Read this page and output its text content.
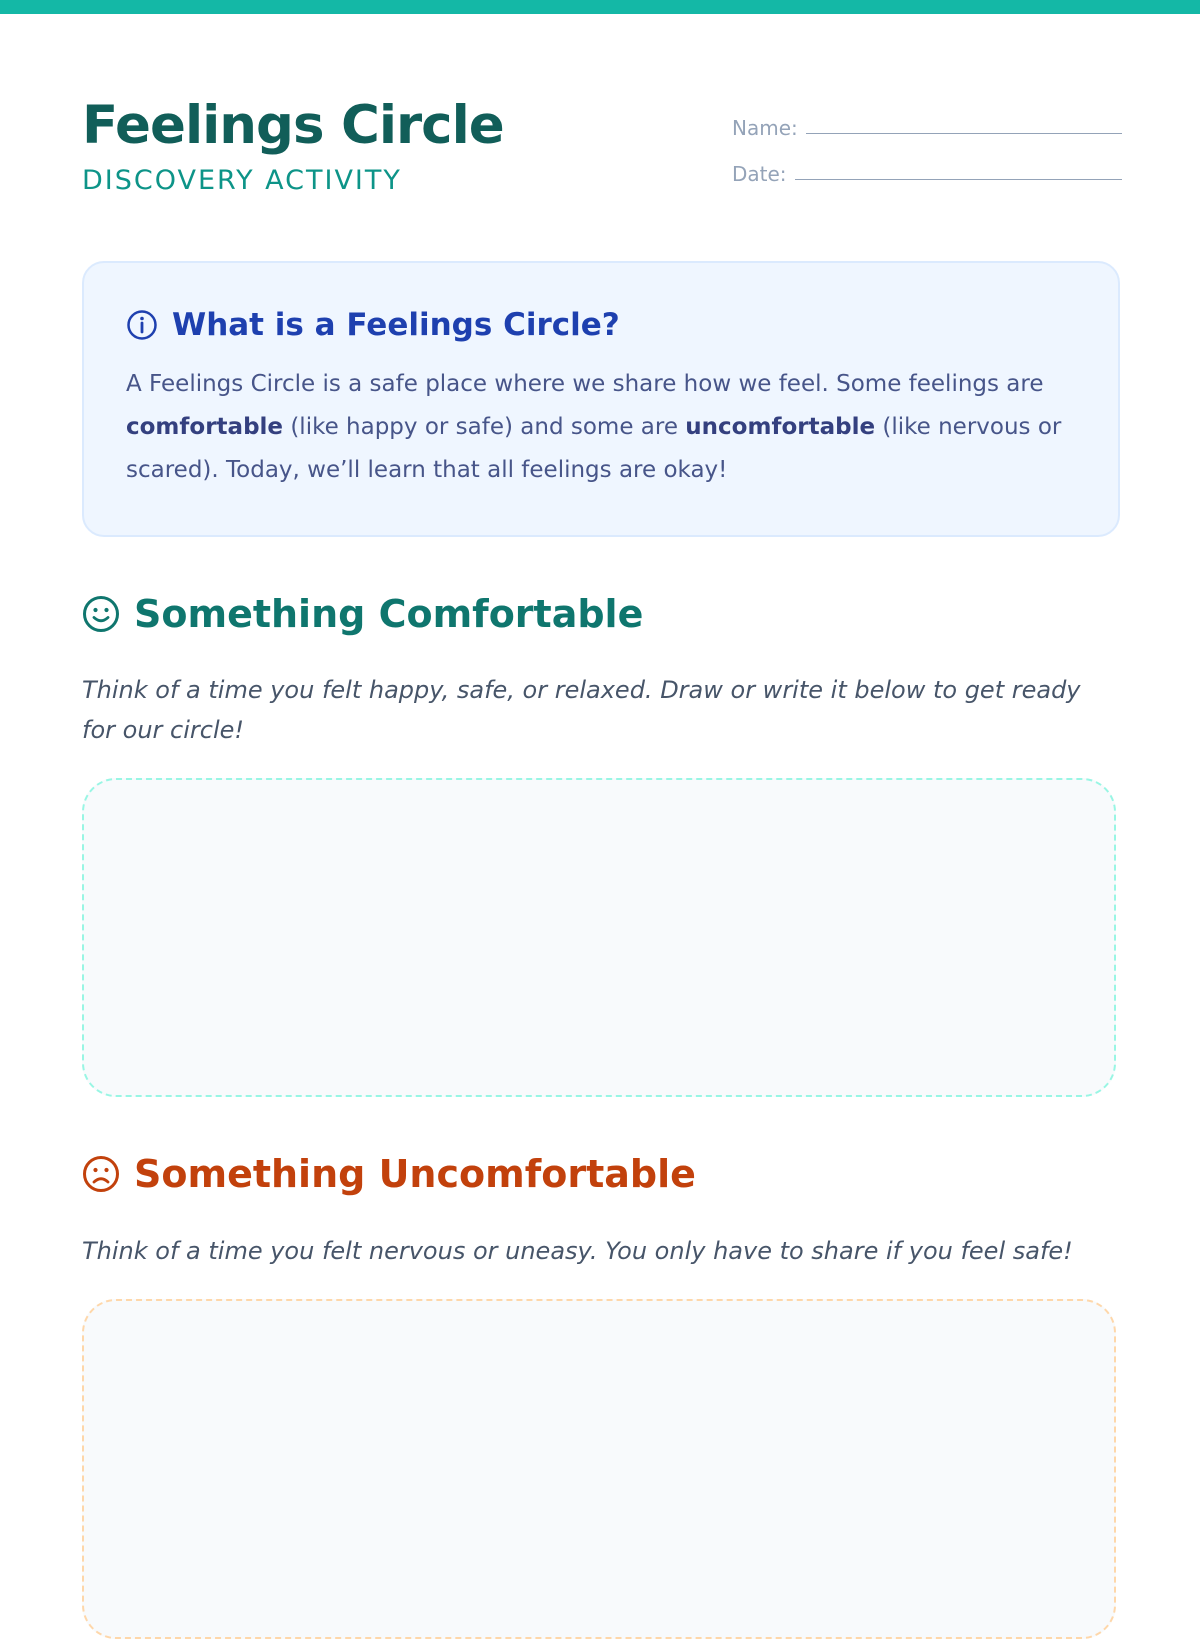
Feelings Circle
DISCOVERY ACTIVITY
Name:
Date:
What is a Feelings Circle?

A Feelings Circle is a safe place where we share how we feel. Some feelings are comfortable (like happy or safe) and some are uncomfortable (like nervous or scared). Today, we’ll learn that all feelings are okay!

Something Comfortable

Think of a time you felt happy, safe, or relaxed. Draw or write it below to get ready for our circle!

Something Uncomfortable

Think of a time you felt nervous or uneasy. You only have to share if you feel safe!
